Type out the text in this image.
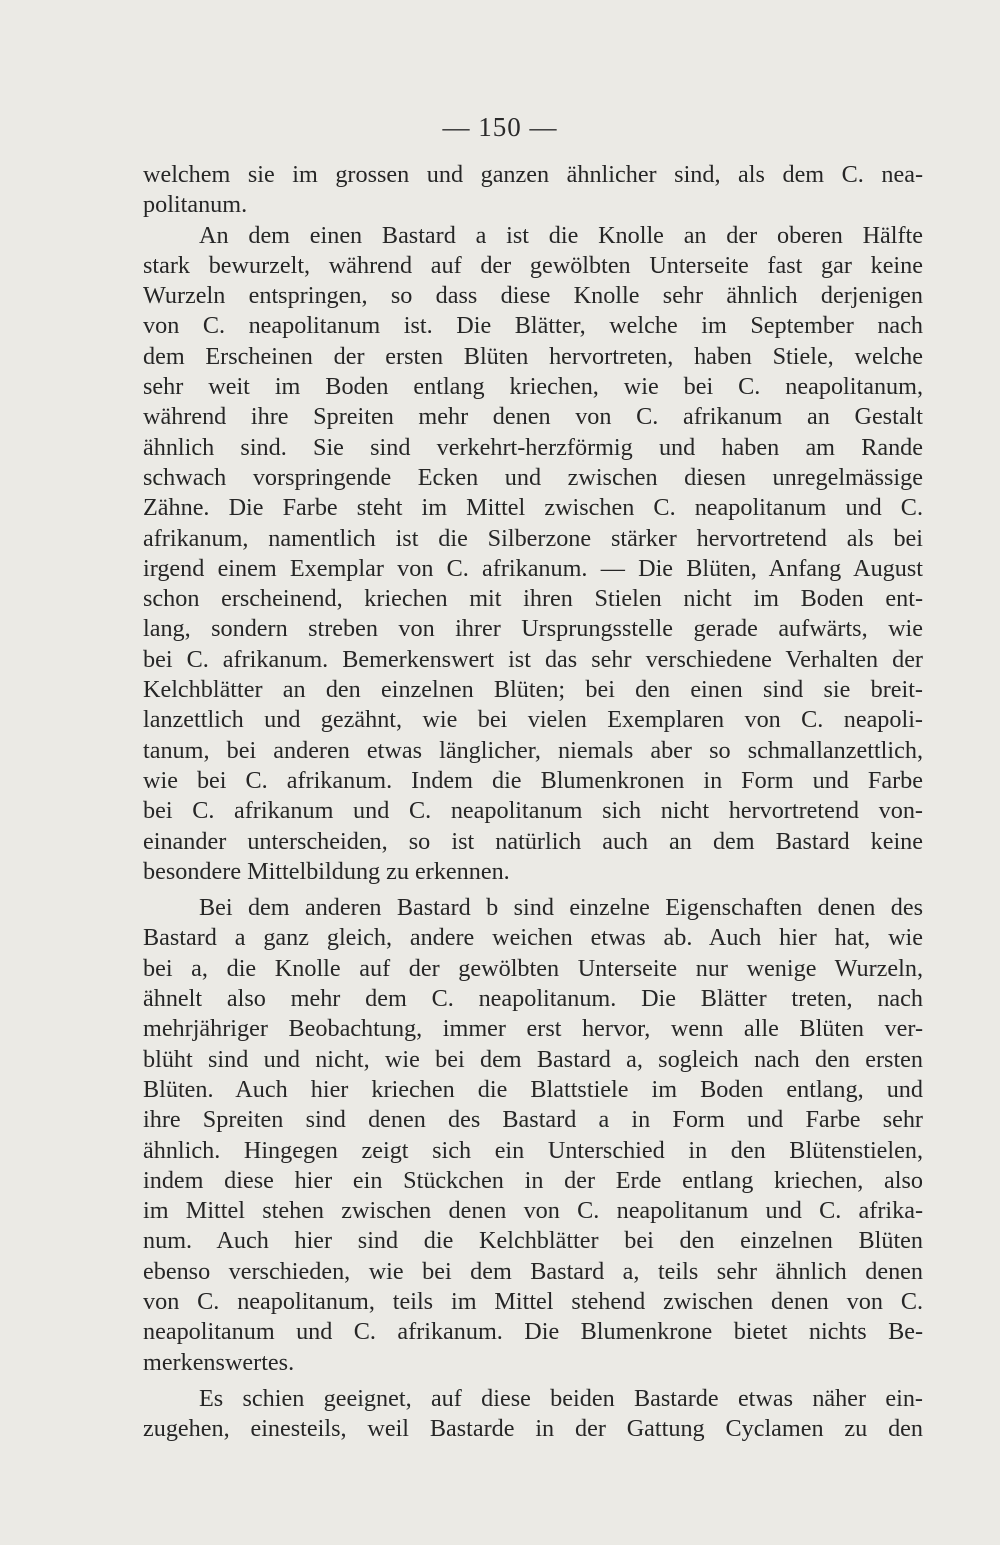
— 150 —

welchem sie im grossen und ganzen ähnlicher sind, als dem C. nea-
politanum.

An dem einen Bastard a ist die Knolle an der oberen Hälfte
stark bewurzelt, während auf der gewölbten Unterseite fast gar keine
Wurzeln entspringen, so dass diese Knolle sehr ähnlich derjenigen
von C. neapolitanum ist. Die Blätter, welche im September nach
dem Erscheinen der ersten Blüten hervortreten, haben Stiele, welche
sehr weit im Boden entlang kriechen, wie bei C. neapolitanum,
während ihre Spreiten mehr denen von C. afrikanum an Gestalt
ähnlich sind. Sie sind verkehrt-herzförmig und haben am Rande
schwach vorspringende Ecken und zwischen diesen unregelmässige
Zähne. Die Farbe steht im Mittel zwischen C. neapolitanum und C.
afrikanum, namentlich ist die Silberzone stärker hervortretend als bei
irgend einem Exemplar von C. afrikanum. — Die Blüten, Anfang August
schon erscheinend, kriechen mit ihren Stielen nicht im Boden ent-
lang, sondern streben von ihrer Ursprungsstelle gerade aufwärts, wie
bei C. afrikanum. Bemerkenswert ist das sehr verschiedene Verhalten der
Kelchblätter an den einzelnen Blüten; bei den einen sind sie breit-
lanzettlich und gezähnt, wie bei vielen Exemplaren von C. neapoli-
tanum, bei anderen etwas länglicher, niemals aber so schmallanzettlich,
wie bei C. afrikanum. Indem die Blumenkronen in Form und Farbe
bei C. afrikanum und C. neapolitanum sich nicht hervortretend von-
einander unterscheiden, so ist natürlich auch an dem Bastard keine
besondere Mittelbildung zu erkennen.

Bei dem anderen Bastard b sind einzelne Eigenschaften denen des
Bastard a ganz gleich, andere weichen etwas ab. Auch hier hat, wie
bei a, die Knolle auf der gewölbten Unterseite nur wenige Wurzeln,
ähnelt also mehr dem C. neapolitanum. Die Blätter treten, nach
mehrjähriger Beobachtung, immer erst hervor, wenn alle Blüten ver-
blüht sind und nicht, wie bei dem Bastard a, sogleich nach den ersten
Blüten. Auch hier kriechen die Blattstiele im Boden entlang, und
ihre Spreiten sind denen des Bastard a in Form und Farbe sehr
ähnlich. Hingegen zeigt sich ein Unterschied in den Blütenstielen,
indem diese hier ein Stückchen in der Erde entlang kriechen, also
im Mittel stehen zwischen denen von C. neapolitanum und C. afrika-
num. Auch hier sind die Kelchblätter bei den einzelnen Blüten
ebenso verschieden, wie bei dem Bastard a, teils sehr ähnlich denen
von C. neapolitanum, teils im Mittel stehend zwischen denen von C.
neapolitanum und C. afrikanum. Die Blumenkrone bietet nichts Be-
merkenswertes.

Es schien geeignet, auf diese beiden Bastarde etwas näher ein-
zugehen, einesteils, weil Bastarde in der Gattung Cyclamen zu den
